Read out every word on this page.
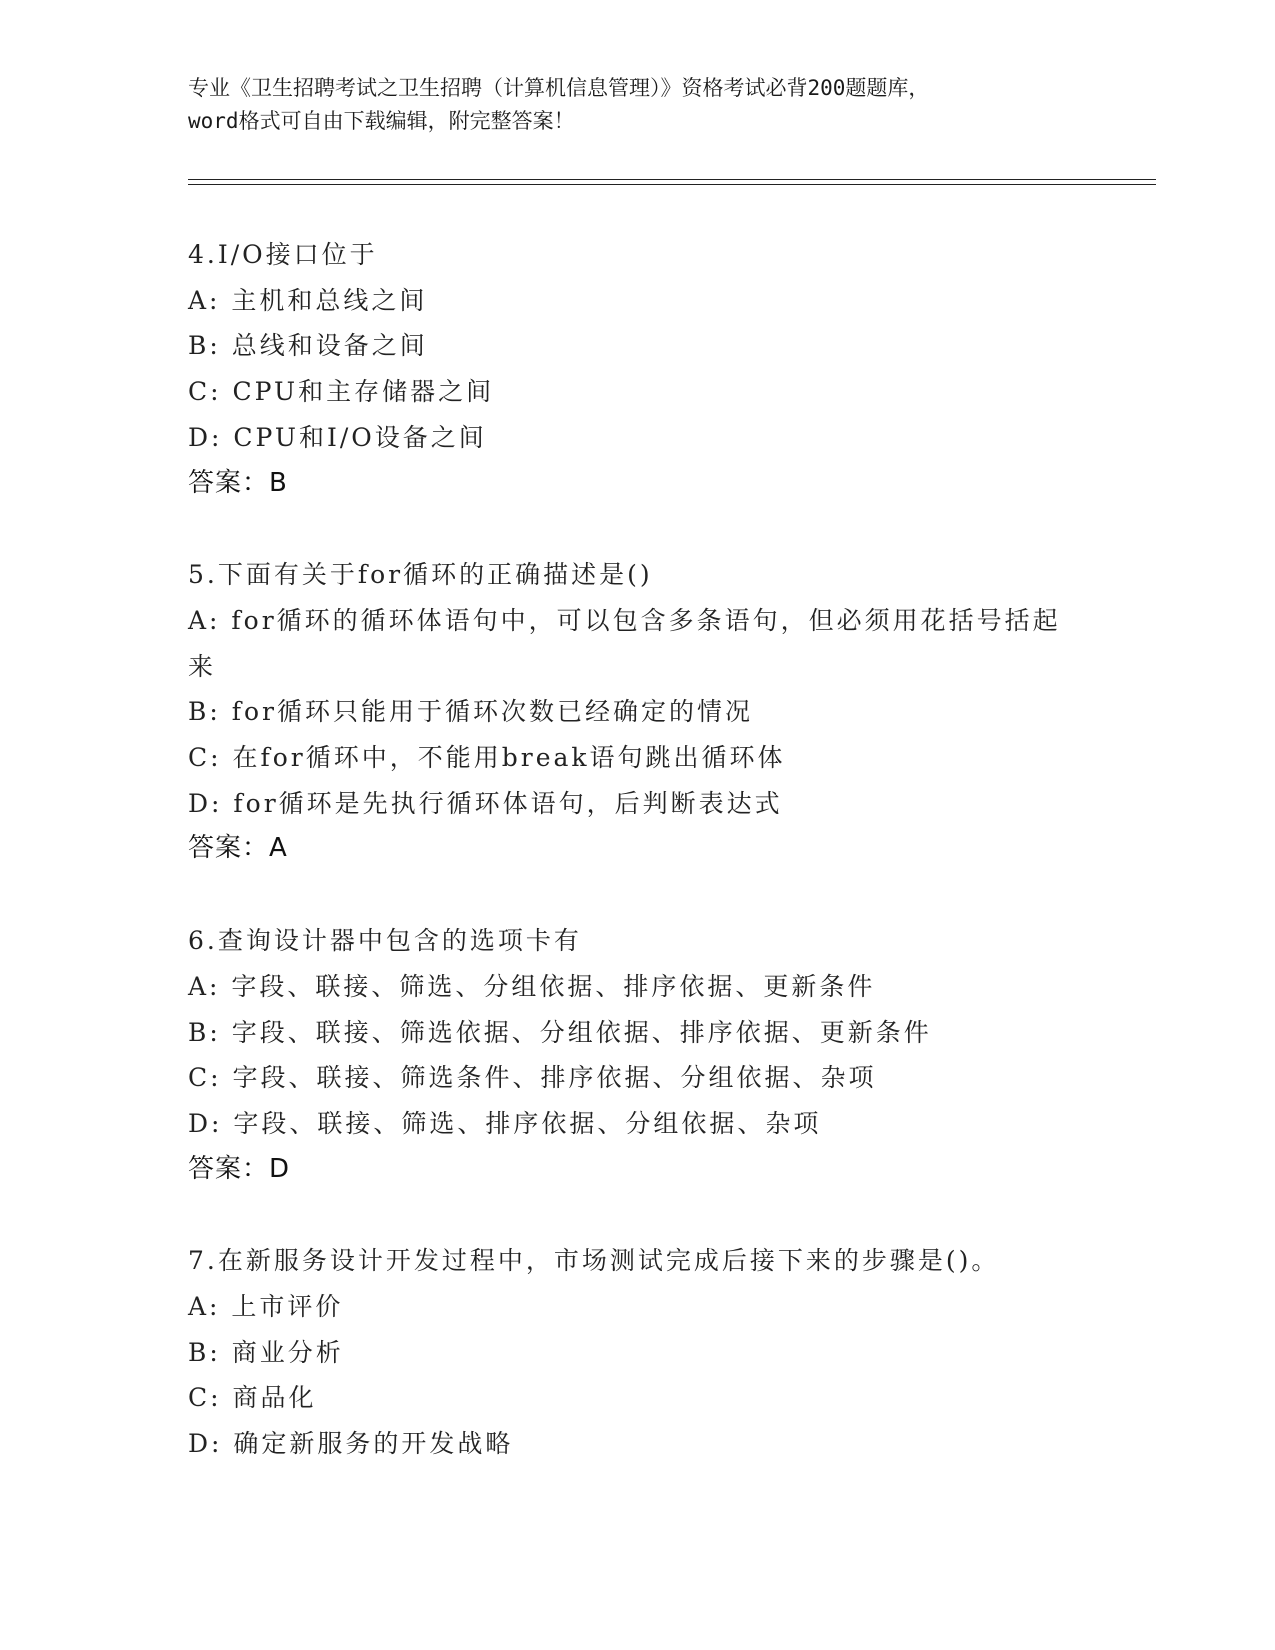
专业《卫生招聘考试之卫生招聘（计算机信息管理）》资格考试必背200题题库，
word格式可自由下载编辑，附完整答案！
4.I/O接口位于
A: 主机和总线之间
B: 总线和设备之间
C: CPU和主存储器之间
D: CPU和I/O设备之间
答案：B
5.下面有关于for循环的正确描述是()
A: for循环的循环体语句中，可以包含多条语句，但必须用花括号括起来
B: for循环只能用于循环次数已经确定的情况
C: 在for循环中，不能用break语句跳出循环体
D: for循环是先执行循环体语句，后判断表达式
答案：A
6.查询设计器中包含的选项卡有
A: 字段、联接、筛选、分组依据、排序依据、更新条件
B: 字段、联接、筛选依据、分组依据、排序依据、更新条件
C: 字段、联接、筛选条件、排序依据、分组依据、杂项
D: 字段、联接、筛选、排序依据、分组依据、杂项
答案：D
7.在新服务设计开发过程中，市场测试完成后接下来的步骤是()。
A: 上市评价
B: 商业分析
C: 商品化
D: 确定新服务的开发战略
